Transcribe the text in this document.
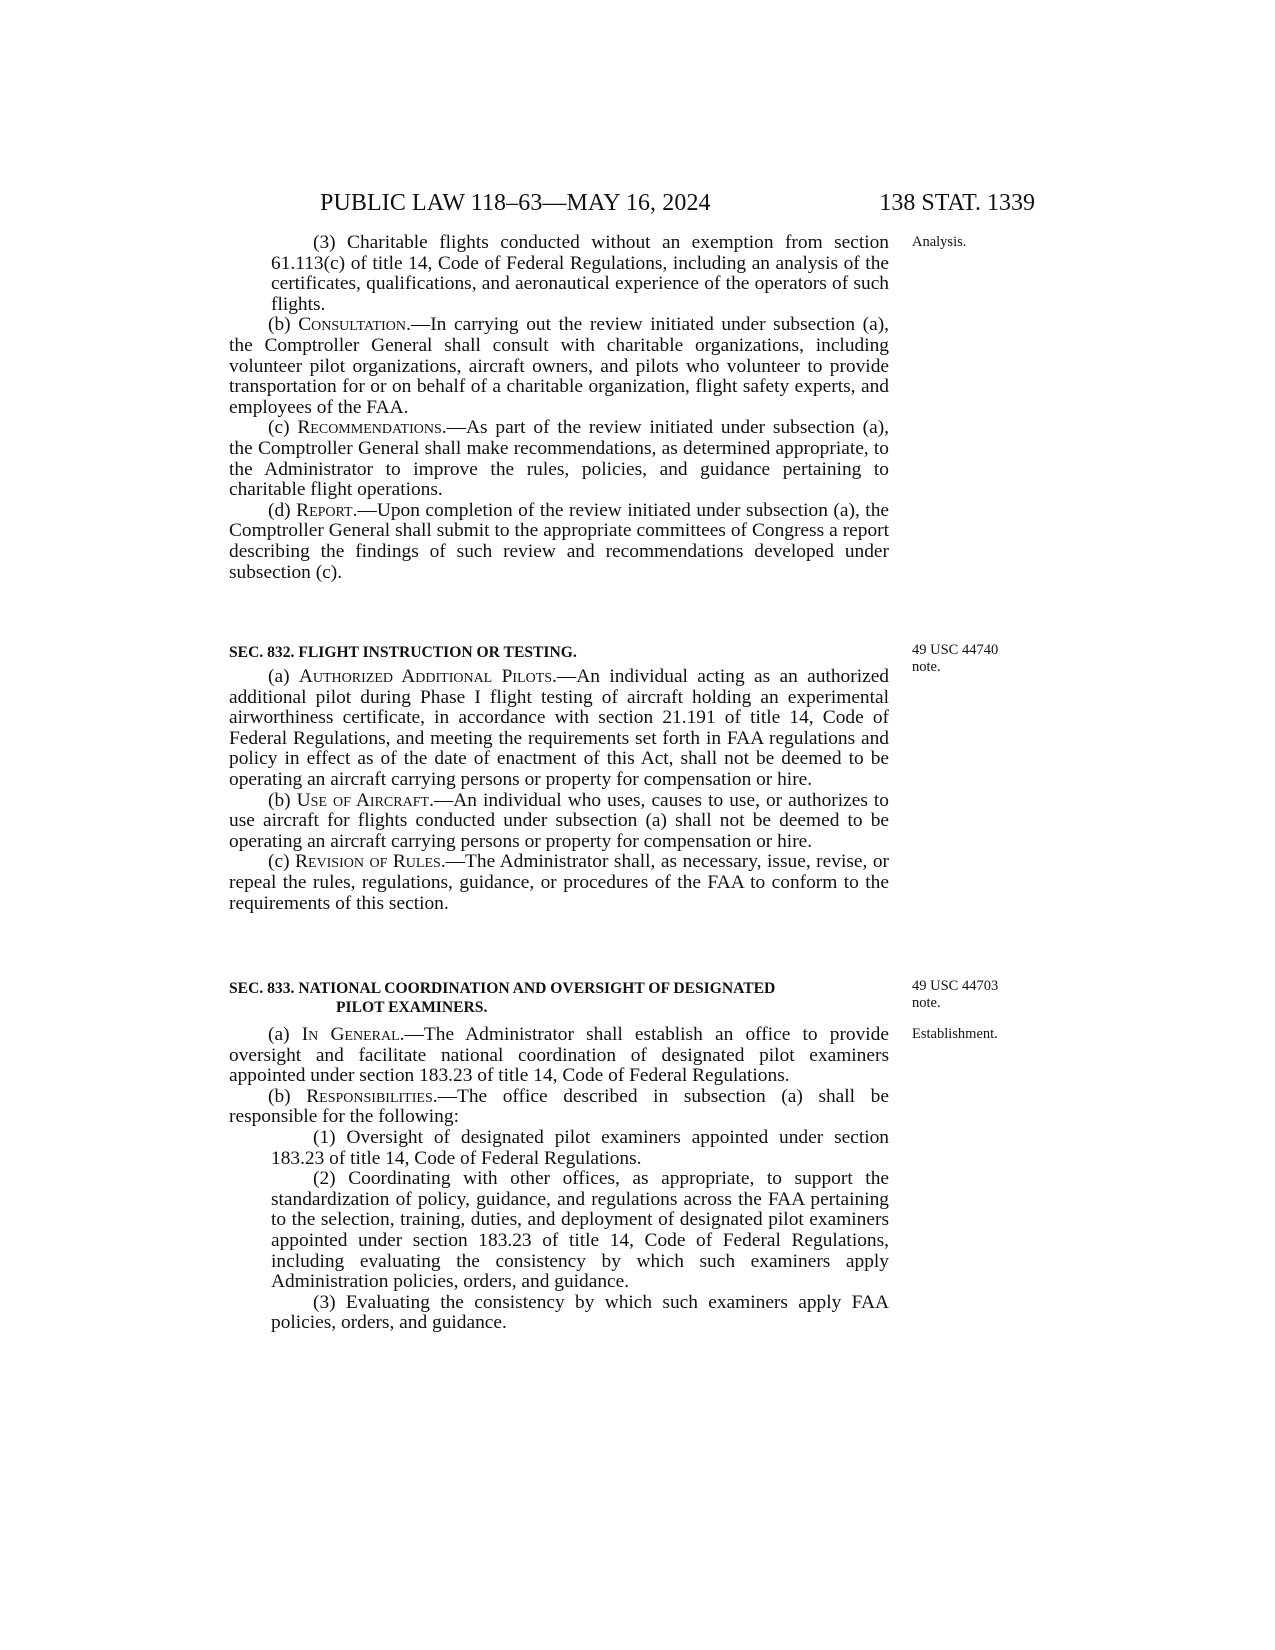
PUBLIC LAW 118–63—MAY 16, 2024	138 STAT. 1339
Analysis.
49 USC 44740
note.
49 USC 44703
note.
Establishment.

(3) Charitable flights conducted without an exemption from section 61.113(c) of title 14, Code of Federal Regulations, including an analysis of the certificates, qualifications, and aeronautical experience of the operators of such flights.

(b) Consultation.—In carrying out the review initiated under subsection (a), the Comptroller General shall consult with charitable organizations, including volunteer pilot organizations, aircraft owners, and pilots who volunteer to provide transportation for or on behalf of a charitable organization, flight safety experts, and employees of the FAA.

(c) Recommendations.—As part of the review initiated under subsection (a), the Comptroller General shall make recommendations, as determined appropriate, to the Administrator to improve the rules, policies, and guidance pertaining to charitable flight operations.

(d) Report.—Upon completion of the review initiated under subsection (a), the Comptroller General shall submit to the appropriate committees of Congress a report describing the findings of such review and recommendations developed under subsection (c).

SEC. 832. FLIGHT INSTRUCTION OR TESTING.

(a) Authorized Additional Pilots.—An individual acting as an authorized additional pilot during Phase I flight testing of aircraft holding an experimental airworthiness certificate, in accordance with section 21.191 of title 14, Code of Federal Regulations, and meeting the requirements set forth in FAA regulations and policy in effect as of the date of enactment of this Act, shall not be deemed to be operating an aircraft carrying persons or property for compensation or hire.

(b) Use of Aircraft.—An individual who uses, causes to use, or authorizes to use aircraft for flights conducted under subsection (a) shall not be deemed to be operating an aircraft carrying persons or property for compensation or hire.

(c) Revision of Rules.—The Administrator shall, as necessary, issue, revise, or repeal the rules, regulations, guidance, or procedures of the FAA to conform to the requirements of this section.

SEC. 833. NATIONAL COORDINATION AND OVERSIGHT OF DESIGNATED
PILOT EXAMINERS.

(a) In General.—The Administrator shall establish an office to provide oversight and facilitate national coordination of designated pilot examiners appointed under section 183.23 of title 14, Code of Federal Regulations.

(b) Responsibilities.—The office described in subsection (a) shall be responsible for the following:

(1) Oversight of designated pilot examiners appointed under section 183.23 of title 14, Code of Federal Regulations.

(2) Coordinating with other offices, as appropriate, to support the standardization of policy, guidance, and regulations across the FAA pertaining to the selection, training, duties, and deployment of designated pilot examiners appointed under section 183.23 of title 14, Code of Federal Regulations, including evaluating the consistency by which such examiners apply Administration policies, orders, and guidance.

(3) Evaluating the consistency by which such examiners apply FAA policies, orders, and guidance.
